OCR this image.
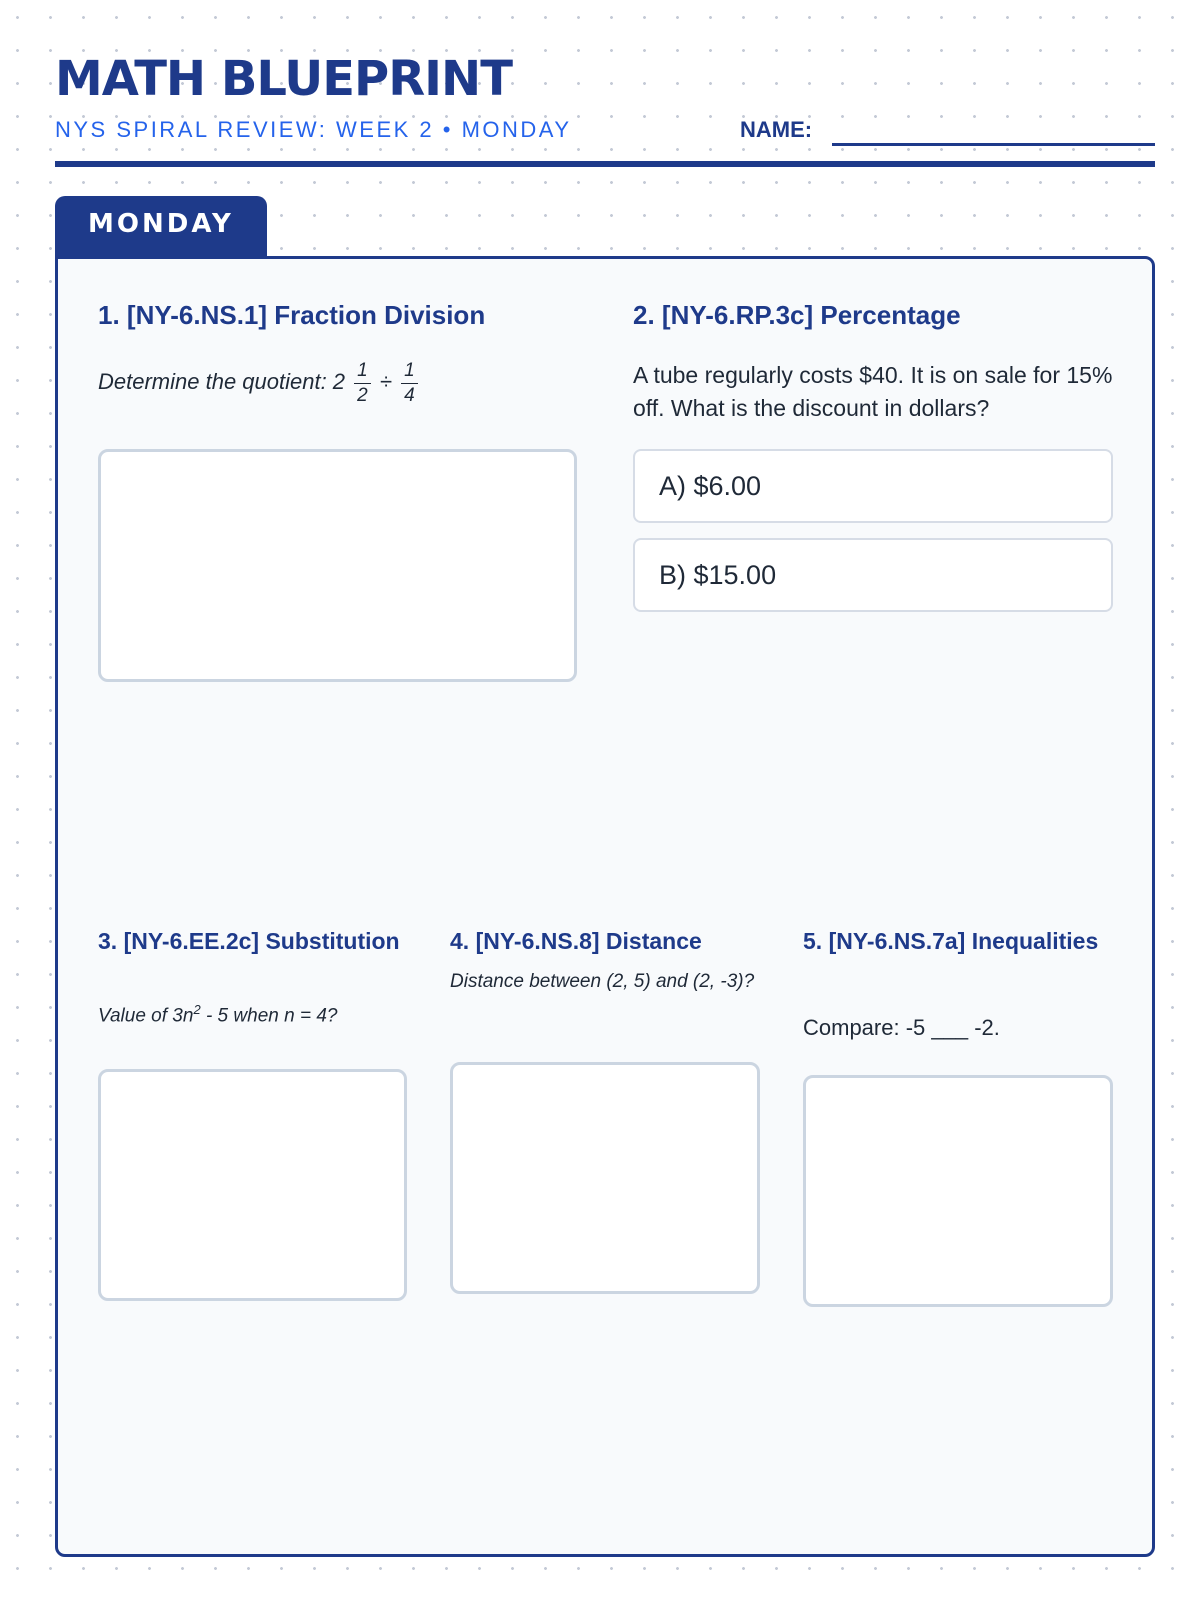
MATH BLUEPRINT
NYS SPIRAL REVIEW: WEEK 2 • MONDAY	NAME:
MONDAY
1. [NY-6.NS.1] Fraction Division
Determine the quotient: $2 \frac{1}{2} \div \frac{1}{4}$
2. [NY-6.RP.3c] Percentage
A tube regularly costs $40. It is on sale for 15% off. What is the discount in dollars?
A) $6.00
B) $15.00
3. [NY-6.EE.2c] Substitution
Value of $3n^2 - 5$ when n = 4?
4. [NY-6.NS.8] Distance
Distance between (2, 5) and (2, -3)?
5. [NY-6.NS.7a] Inequalities
Compare: -5 ___ -2.
